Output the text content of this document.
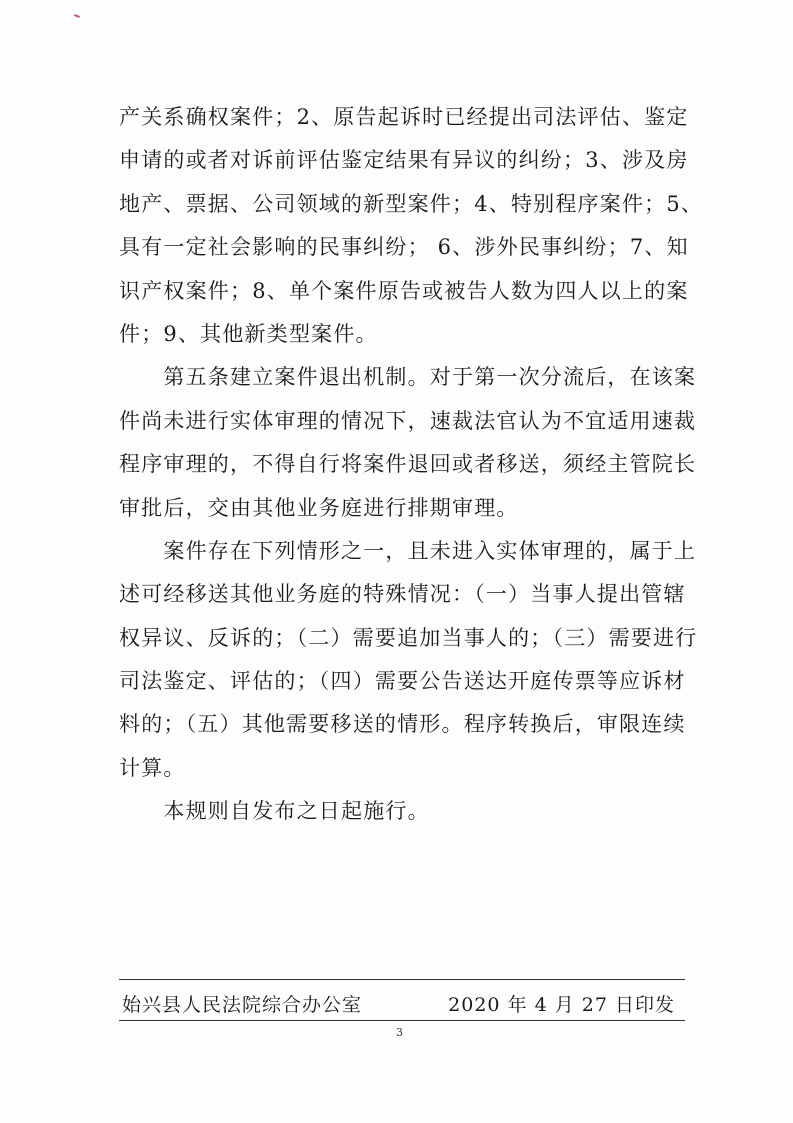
产关系确权案件；2、原告起诉时已经提出司法评估、鉴定
申请的或者对诉前评估鉴定结果有异议的纠纷；3、涉及房
地产、票据、公司领域的新型案件；4、特别程序案件；5、
具有一定社会影响的民事纠纷； 6、涉外民事纠纷；7、知
识产权案件；8、单个案件原告或被告人数为四人以上的案
件；9、其他新类型案件。
　　第五条建立案件退出机制。对于第一次分流后，在该案
件尚未进行实体审理的情况下，速裁法官认为不宜适用速裁
程序审理的，不得自行将案件退回或者移送，须经主管院长
审批后，交由其他业务庭进行排期审理。
　　案件存在下列情形之一，且未进入实体审理的，属于上
述可经移送其他业务庭的特殊情况：（一）当事人提出管辖
权异议、反诉的；（二）需要追加当事人的；（三）需要进行
司法鉴定、评估的；（四）需要公告送达开庭传票等应诉材
料的；（五）其他需要移送的情形。程序转换后，审限连续
计算。
　　本规则自发布之日起施行。
始兴县人民法院综合办公室	2020 年 4 月 27 日印发
3
